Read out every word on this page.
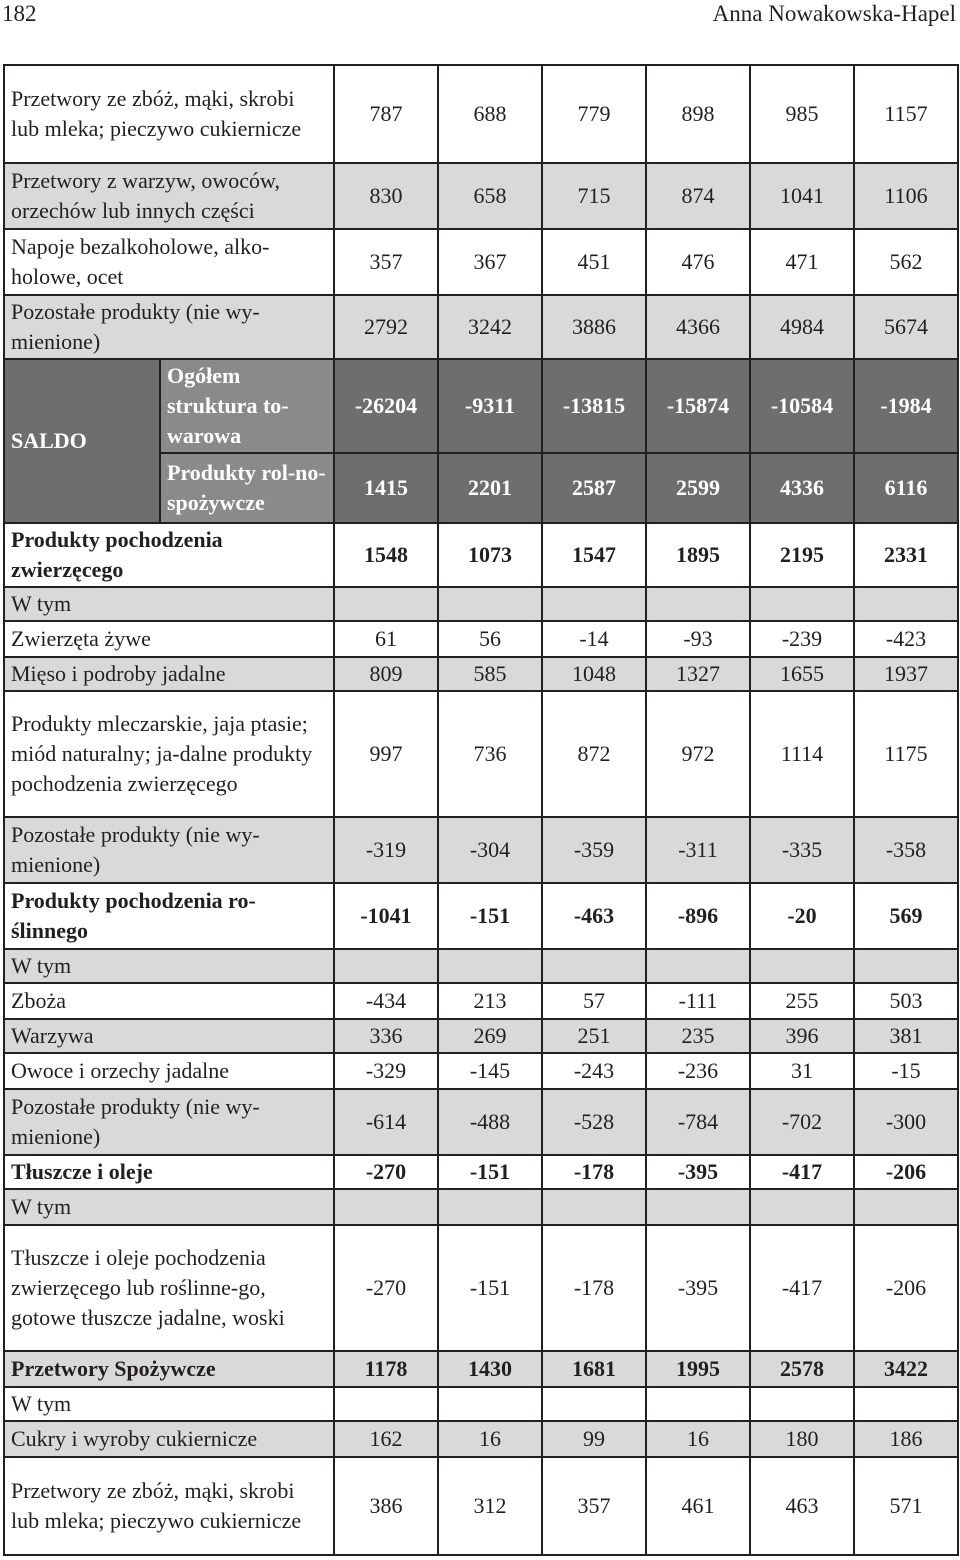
182	Anna Nowakowska-Hapel
Przetwory ze zbóż, mąki, skrobi lub mleka; pieczywo cukiernicze		787	688	779	898	985	1157
Przetwory z warzyw, owoców, orzechów lub innych części		830	658	715	874	1041	1106
Napoje bezalkoholowe, alko-holowe, ocet		357	367	451	476	471	562
Pozostałe produkty (nie wy-mienione)		2792	3242	3886	4366	4984	5674
SALDO	Ogółem struktura to-warowa	-26204	-9311	-13815	-15874	-10584	-1984
	Produkty rol-no-spożywcze	1415	2201	2587	2599	4336	6116
Produkty pochodzenia zwierzęcego		1548	1073	1547	1895	2195	2331
W tym							
Zwierzęta żywe		61	56	-14	-93	-239	-423
Mięso i podroby jadalne		809	585	1048	1327	1655	1937
Produkty mleczarskie, jaja ptasie; miód naturalny; ja-dalne produkty pochodzenia zwierzęcego		997	736	872	972	1114	1175
Pozostałe produkty (nie wy-mienione)		-319	-304	-359	-311	-335	-358
Produkty pochodzenia ro-ślinnego		-1041	-151	-463	-896	-20	569
W tym							
Zboża		-434	213	57	-111	255	503
Warzywa		336	269	251	235	396	381
Owoce i orzechy jadalne		-329	-145	-243	-236	31	-15
Pozostałe produkty (nie wy-mienione)		-614	-488	-528	-784	-702	-300
Tłuszcze i oleje		-270	-151	-178	-395	-417	-206
W tym							
Tłuszcze i oleje pochodzenia zwierzęcego lub roślinne-go, gotowe tłuszcze jadalne, woski		-270	-151	-178	-395	-417	-206
Przetwory Spożywcze		1178	1430	1681	1995	2578	3422
W tym							
Cukry i wyroby cukiernicze		162	16	99	16	180	186
Przetwory ze zbóż, mąki, skrobi lub mleka; pieczywo cukiernicze		386	312	357	461	463	571
